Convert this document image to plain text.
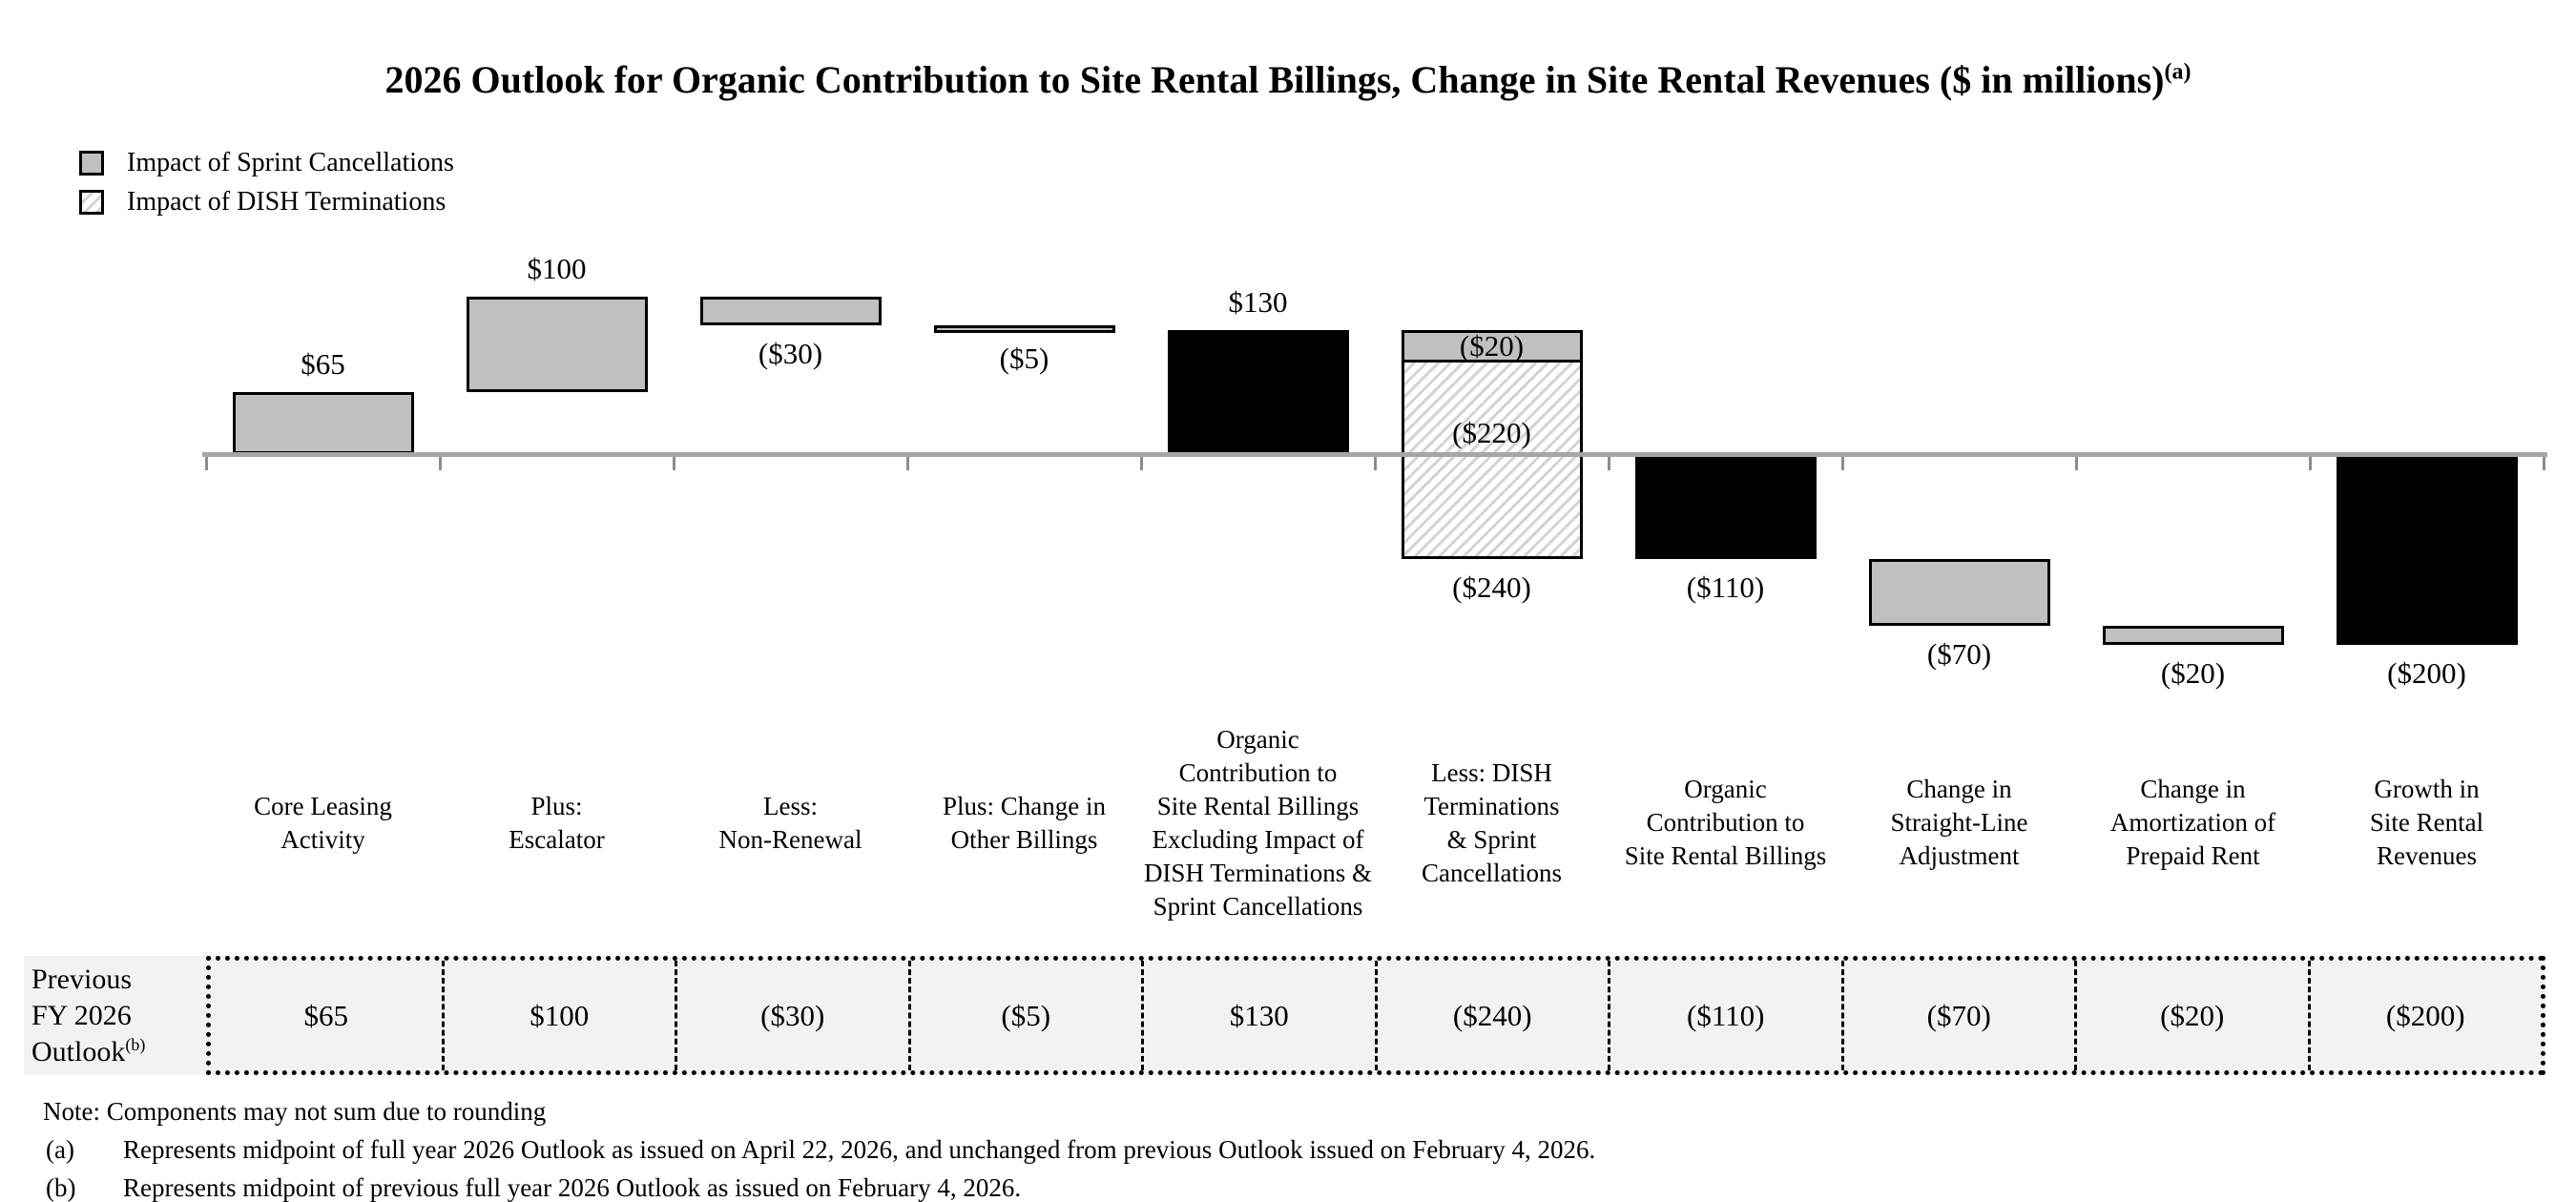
2026 Outlook for Organic Contribution to Site Rental Billings, Change in Site Rental Revenues ($ in millions)$^{(a)}$
Impact of Sprint Cancellations
Impact of DISH Terminations
$65
Core Leasing
Activity
$100
Plus:
Escalator
($30)
Less:
Non-Renewal
($5)
Plus: Change in
Other Billings
$130
Organic
Contribution to
Site Rental Billings
Excluding Impact of
DISH Terminations &
Sprint Cancellations
($20)
($220)
($240)
Less: DISH
Terminations
& Sprint
Cancellations
($110)
Organic
Contribution to
Site Rental Billings
($70)
Change in
Straight-Line
Adjustment
($20)
Change in
Amortization of
Prepaid Rent
($200)
Growth in
Site Rental
Revenues
Previous
FY 2026
Outlook$^{(b)}$
$65	$100	($30)	($5)	$130	($240)	($110)	($70)	($20)	($200)
Note: Components may not sum due to rounding
(a) Represents midpoint of full year 2026 Outlook as issued on April 22, 2026, and unchanged from previous Outlook issued on February 4, 2026.
(b) Represents midpoint of previous full year 2026 Outlook as issued on February 4, 2026.
